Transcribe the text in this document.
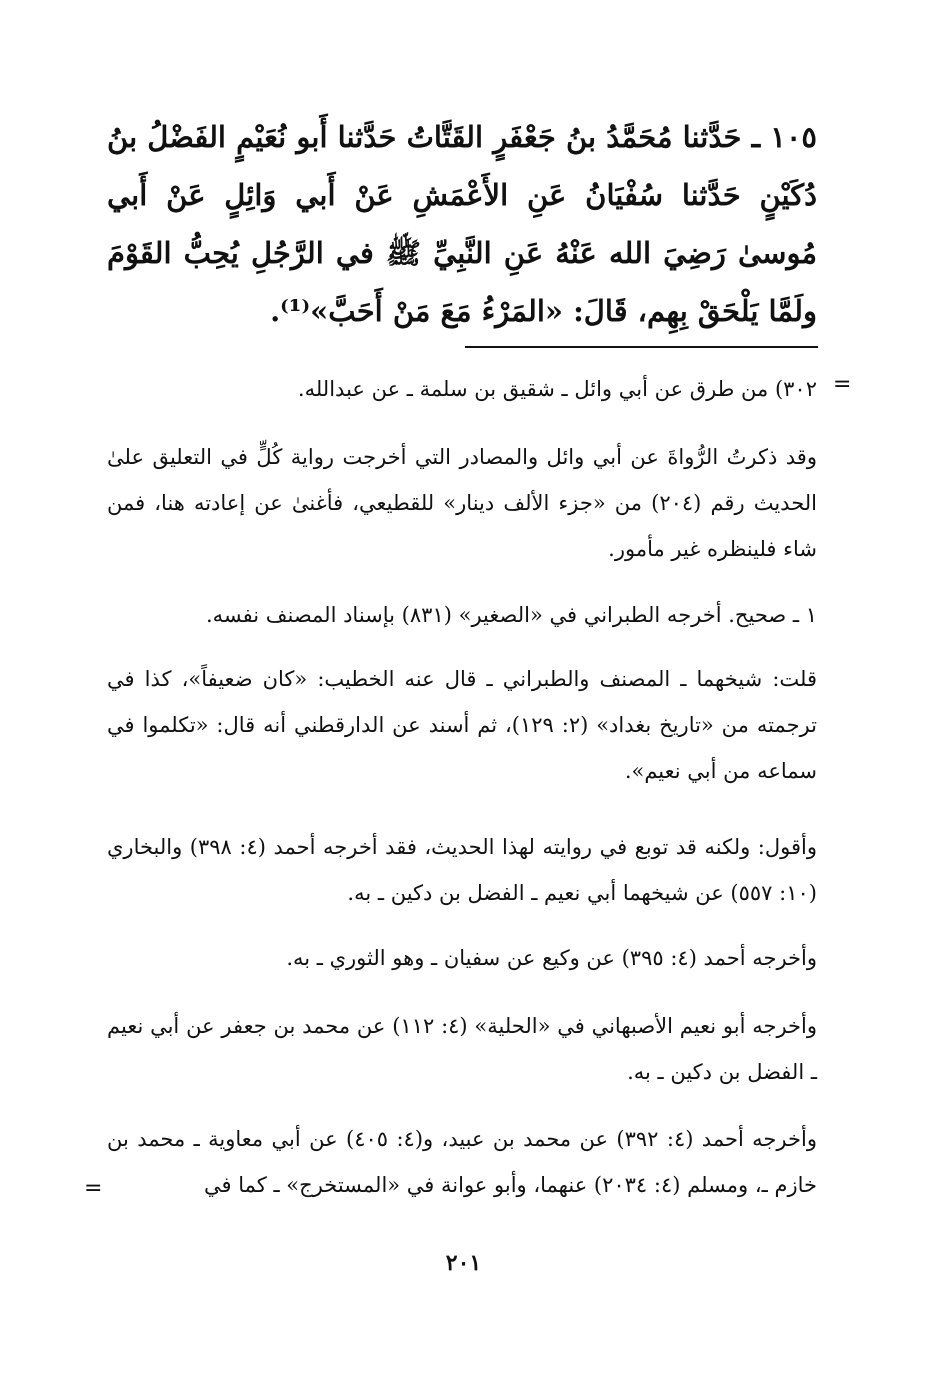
١٠٥ ـ حَدَّثنا مُحَمَّدُ بنُ جَعْفَرٍ القَتَّاتُ حَدَّثنا أَبو نُعَيْمٍ الفَضْلُ بنُ دُكَيْنٍ حَدَّثنا سُفْيَانُ عَنِ الأَعْمَشِ عَنْ أَبي وَائِلٍ عَنْ أَبي مُوسىٰ رَضِيَ الله عَنْهُ عَنِ النَّبِيِّ ﷺ في الرَّجُلِ يُحِبُّ القَوْمَ ولَمَّا يَلْحَقْ بِهِم، قَالَ: «المَرْءُ مَعَ مَنْ أَحَبَّ»⁽¹⁾.

=

٣٠٢) من طرق عن أبي وائل ـ شقيق بن سلمة ـ عن عبدالله.

وقد ذكرتُ الرُّواةَ عن أبي وائل والمصادر التي أخرجت رواية كُلٍّ في التعليق علىٰ الحديث رقم (٢٠٤) من «جزء الألف دينار» للقطيعي، فأغنىٰ عن إعادته هنا، فمن شاء فلينظره غير مأمور.

١ ـ صحيح. أخرجه الطبراني في «الصغير» (٨٣١) بإسناد المصنف نفسه.

قلت: شيخهما ـ المصنف والطبراني ـ قال عنه الخطيب: «كان ضعيفاً»، كذا في ترجمته من «تاريخ بغداد» (٢: ١٢٩)، ثم أسند عن الدارقطني أنه قال: «تكلموا في سماعه من أبي نعيم».

وأقول: ولكنه قد توبع في روايته لهذا الحديث، فقد أخرجه أحمد (٤: ٣٩٨) والبخاري (١٠: ٥٥٧) عن شيخهما أبي نعيم ـ الفضل بن دكين ـ به.

وأخرجه أحمد (٤: ٣٩٥) عن وكيع عن سفيان ـ وهو الثوري ـ به.

وأخرجه أبو نعيم الأصبهاني في «الحلية» (٤: ١١٢) عن محمد بن جعفر عن أبي نعيم ـ الفضل بن دكين ـ به.

وأخرجه أحمد (٤: ٣٩٢) عن محمد بن عبيد، و(٤: ٤٠٥) عن أبي معاوية ـ محمد بن خازم ـ، ومسلم (٤: ٢٠٣٤) عنهما، وأبو عوانة في «المستخرج» ـ كما في

=
٢٠١
